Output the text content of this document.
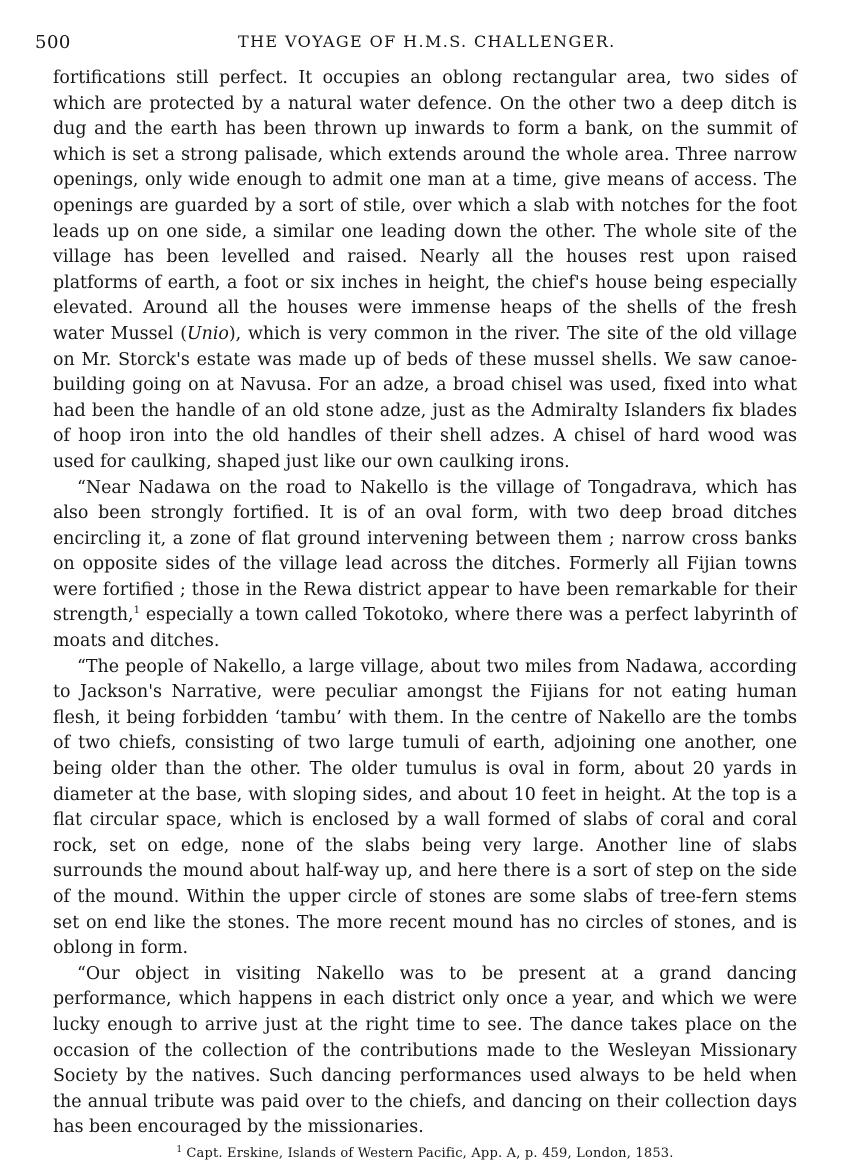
500	THE VOYAGE OF H.M.S. CHALLENGER.

fortifications still perfect. It occupies an oblong rectangular area, two sides of which are protected by a natural water defence. On the other two a deep ditch is dug and the earth has been thrown up inwards to form a bank, on the summit of which is set a strong palisade, which extends around the whole area. Three narrow openings, only wide enough to admit one man at a time, give means of access. The openings are guarded by a sort of stile, over which a slab with notches for the foot leads up on one side, a similar one leading down the other. The whole site of the village has been levelled and raised. Nearly all the houses rest upon raised platforms of earth, a foot or six inches in height, the chief's house being especially elevated. Around all the houses were immense heaps of the shells of the fresh water Mussel (Unio), which is very common in the river. The site of the old village on Mr. Storck's estate was made up of beds of these mussel shells. We saw canoe-building going on at Navusa. For an adze, a broad chisel was used, fixed into what had been the handle of an old stone adze, just as the Admiralty Islanders fix blades of hoop iron into the old handles of their shell adzes. A chisel of hard wood was used for caulking, shaped just like our own caulking irons.

“Near Nadawa on the road to Nakello is the village of Tongadrava, which has also been strongly fortified. It is of an oval form, with two deep broad ditches encircling it, a zone of flat ground intervening between them ; narrow cross banks on opposite sides of the village lead across the ditches. Formerly all Fijian towns were fortified ; those in the Rewa district appear to have been remarkable for their strength,$^1$ especially a town called Tokotoko, where there was a perfect labyrinth of moats and ditches.

“The people of Nakello, a large village, about two miles from Nadawa, according to Jackson's Narrative, were peculiar amongst the Fijians for not eating human flesh, it being forbidden ‘tambu’ with them. In the centre of Nakello are the tombs of two chiefs, consisting of two large tumuli of earth, adjoining one another, one being older than the other. The older tumulus is oval in form, about 20 yards in diameter at the base, with sloping sides, and about 10 feet in height. At the top is a flat circular space, which is enclosed by a wall formed of slabs of coral and coral rock, set on edge, none of the slabs being very large. Another line of slabs surrounds the mound about half-way up, and here there is a sort of step on the side of the mound. Within the upper circle of stones are some slabs of tree-fern stems set on end like the stones. The more recent mound has no circles of stones, and is oblong in form.

“Our object in visiting Nakello was to be present at a grand dancing performance, which happens in each district only once a year, and which we were lucky enough to arrive just at the right time to see. The dance takes place on the occasion of the collection of the contributions made to the Wesleyan Missionary Society by the natives. Such dancing performances used always to be held when the annual tribute was paid over to the chiefs, and dancing on their collection days has been encouraged by the missionaries.

$^1$ Capt. Erskine, Islands of Western Pacific, App. A, p. 459, London, 1853.
